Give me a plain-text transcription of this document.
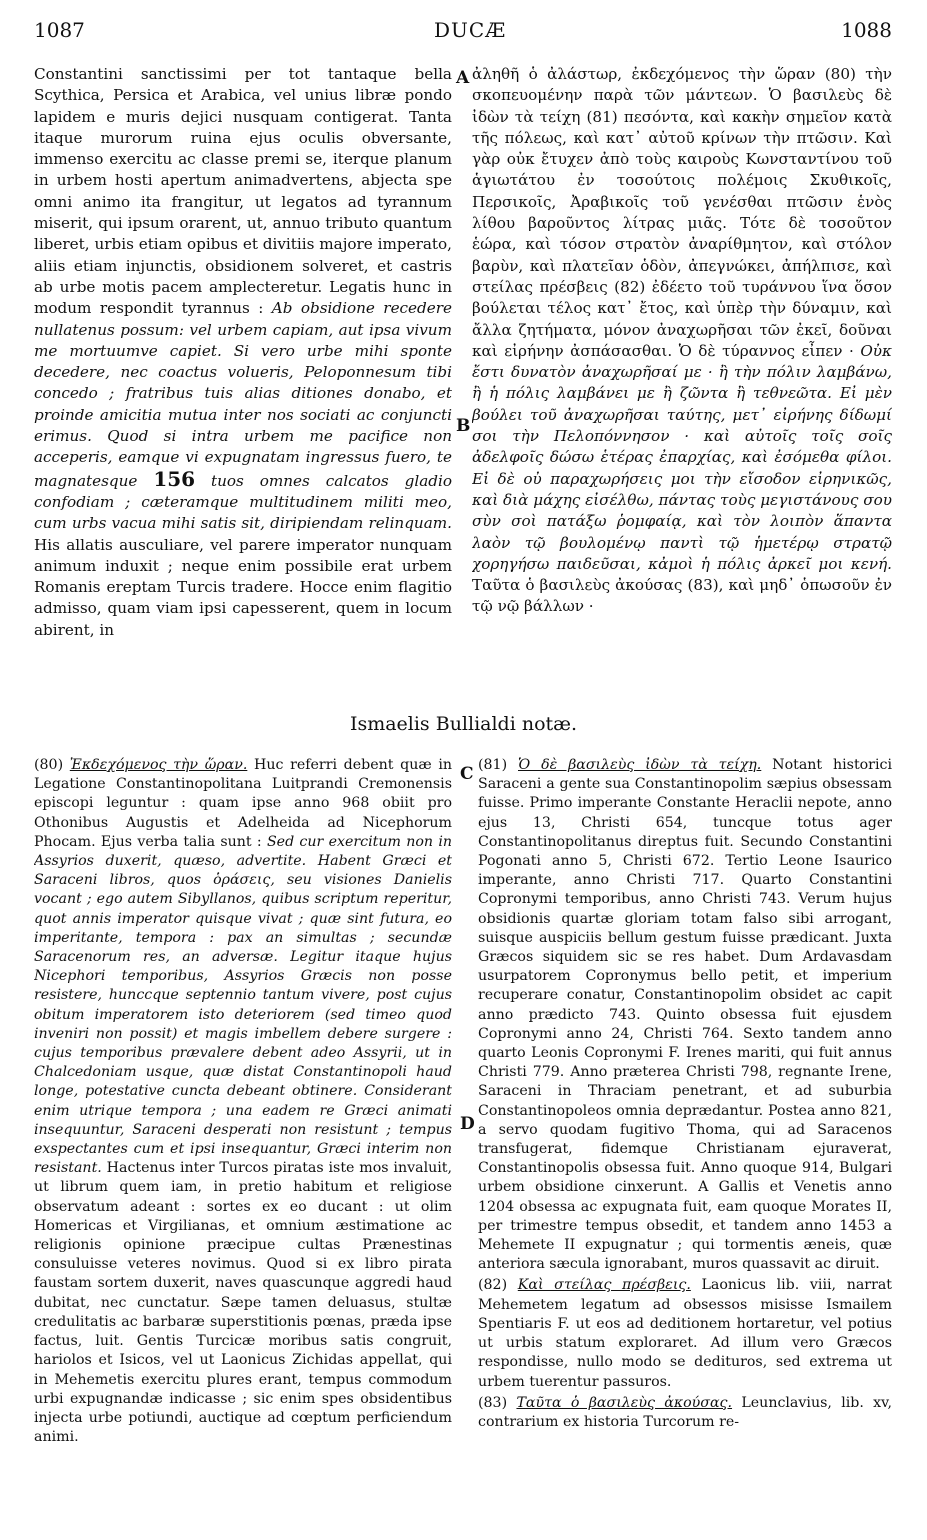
1087	DUCÆ	1088
A
B
C
D

Constantini sanctissimi per tot tantaque bella Scythica, Persica et Arabica, vel unius libræ pondo lapidem e muris dejici nusquam contigerat. Tanta itaque murorum ruina ejus oculis obversante, immenso exercitu ac classe premi se, iterque planum in urbem hosti apertum animadvertens, abjecta spe omni animo ita frangitur, ut legatos ad tyrannum miserit, qui ipsum orarent, ut, annuo tributo quantum liberet, urbis etiam opibus et divitiis majore imperato, aliis etiam injunctis, obsidionem solveret, et castris ab urbe motis pacem amplecteretur. Legatis hunc in modum respondit tyrannus : Ab obsidione recedere nullatenus possum: vel urbem capiam, aut ipsa vivum me mortuumve capiet. Si vero urbe mihi sponte decedere, nec coactus volueris, Peloponnesum tibi concedo ; fratribus tuis alias ditiones donabo, et proinde amicitia mutua inter nos sociati ac conjuncti erimus. Quod si intra urbem me pacifice non acceperis, eamque vi expugnatam ingressus fuero, te magnatesque 156 tuos omnes calcatos gladio confodiam ; cæteramque multitudinem militi meo, cum urbs vacua mihi satis sit, diripiendam relinquam. His allatis ausculiare, vel parere imperator nunquam animum induxit ; neque enim possibile erat urbem Romanis ereptam Turcis tradere. Hocce enim flagitio admisso, quam viam ipsi capesserent, quem in locum abirent, in

ἀληθῆ ὁ ἀλάστωρ, ἐκδεχόμενος τὴν ὥραν (80) τὴν σκοπευομένην παρὰ τῶν μάντεων. Ὁ βασιλεὺς δὲ ἰδὼν τὰ τείχη (81) πεσόντα, καὶ κακὴν σημεῖον κατὰ τῆς πόλεως, καὶ κατ᾽ αὐτοῦ κρίνων τὴν πτῶσιν. Καὶ γὰρ οὐκ ἔτυχεν ἀπὸ τοὺς καιροὺς Κωνσταντίνου τοῦ ἁγιωτάτου ἐν τοσούτοις πολέμοις Σκυθικοῖς, Περσικοῖς, Ἀραβικοῖς τοῦ γενέσθαι πτῶσιν ἑνὸς λίθου βαροῦντος λίτρας μιᾶς. Τότε δὲ τοσοῦτον ἑώρα, καὶ τόσον στρατὸν ἀναρίθμητον, καὶ στόλον βαρὺν, καὶ πλατεῖαν ὁδὸν, ἀπεγνώκει, ἀπήλπισε, καὶ στείλας πρέσβεις (82) ἐδέετο τοῦ τυράννου ἵνα ὅσον βούλεται τέλος κατ᾽ ἔτος, καὶ ὑπὲρ τὴν δύναμιν, καὶ ἄλλα ζητήματα, μόνον ἀναχωρῆσαι τῶν ἐκεῖ, δοῦναι καὶ εἰρήνην ἀσπάσασθαι. Ὁ δὲ τύραννος εἶπεν · Οὐκ ἔστι δυνατὸν ἀναχωρῆσαί με · ἢ τὴν πόλιν λαμβάνω, ἢ ἡ πόλις λαμβάνει με ἢ ζῶντα ἢ τεθνεῶτα. Εἰ μὲν βούλει τοῦ ἀναχωρῆσαι ταύτης, μετ᾽ εἰρήνης δίδωμί σοι τὴν Πελοπόννησον · καὶ αὐτοῖς τοῖς σοῖς ἀδελφοῖς δώσω ἑτέρας ἐπαρχίας, καὶ ἐσόμεθα φίλοι. Εἰ δὲ οὐ παραχωρήσεις μοι τὴν εἴσοδον εἰρηνικῶς, καὶ διὰ μάχης εἰσέλθω, πάντας τοὺς μεγιστάνους σου σὺν σοὶ πατάξω ῥομφαίᾳ, καὶ τὸν λοιπὸν ἅπαντα λαὸν τῷ βουλομένῳ παντὶ τῷ ἡμετέρῳ στρατῷ χορηγήσω παιδεῦσαι, κἀμοὶ ἡ πόλις ἀρκεῖ μοι κενή. Ταῦτα ὁ βασιλεὺς ἀκούσας (83), καὶ μηδ᾽ ὁπωσοῦν ἐν τῷ νῷ βάλλων ·

Ismaelis Bullialdi notæ.

(80) Ἐκδεχόμενος τὴν ὥραν. Huc referri debent quæ in Legatione Constantinopolitana Luitprandi Cremonensis episcopi leguntur : quam ipse anno 968 obiit pro Othonibus Augustis et Adelheida ad Nicephorum Phocam. Ejus verba talia sunt : Sed cur exercitum non in Assyrios duxerit, quæso, advertite. Habent Græci et Saraceni libros, quos ὁράσεις, seu visiones Danielis vocant ; ego autem Sibyllanos, quibus scriptum reperitur, quot annis imperator quisque vivat ; quæ sint futura, eo imperitante, tempora : pax an simultas ; secundæ Saracenorum res, an adversæ. Legitur itaque hujus Nicephori temporibus, Assyrios Græcis non posse resistere, hunccque septennio tantum vivere, post cujus obitum imperatorem isto deteriorem (sed timeo quod inveniri non possit) et magis imbellem debere surgere : cujus temporibus prævalere debent adeo Assyrii, ut in Chalcedoniam usque, quæ distat Constantinopoli haud longe, potestative cuncta debeant obtinere. Considerant enim utrique tempora ; una eadem re Græci animati insequuntur, Saraceni desperati non resistunt ; tempus exspectantes cum et ipsi insequantur, Græci interim non resistant. Hactenus inter Turcos piratas iste mos invaluit, ut librum quem iam, in pretio habitum et religiose observatum adeant : sortes ex eo ducant : ut olim Homericas et Virgilianas, et omnium æstimatione ac religionis opinione præcipue cultas Prænestinas consuluisse veteres novimus. Quod si ex libro pirata faustam sortem duxerit, naves quascunque aggredi haud dubitat, nec cunctatur. Sæpe tamen deluasus, stultæ credulitatis ac barbaræ superstitionis pœnas, præda ipse factus, luit. Gentis Turcicæ moribus satis congruit, hariolos et Isicos, vel ut Laonicus Zichidas appellat, qui in Mehemetis exercitu plures erant, tempus commodum urbi expugnandæ indicasse ; sic enim spes obsidentibus injecta urbe potiundi, auctique ad cœptum perficiendum animi.

(81) Ὁ δὲ βασιλεὺς ἰδὼν τὰ τείχη. Notant historici Saraceni a gente sua Constantinopolim sæpius obsessam fuisse. Primo imperante Constante Heraclii nepote, anno ejus 13, Christi 654, tuncque totus ager Constantinopolitanus direptus fuit. Secundo Constantini Pogonati anno 5, Christi 672. Tertio Leone Isaurico imperante, anno Christi 717. Quarto Constantini Copronymi temporibus, anno Christi 743. Verum hujus obsidionis quartæ gloriam totam falso sibi arrogant, suisque auspiciis bellum gestum fuisse prædicant. Juxta Græcos siquidem sic se res habet. Dum Ardavasdam usurpatorem Copronymus bello petit, et imperium recuperare conatur, Constantinopolim obsidet ac capit anno prædicto 743. Quinto obsessa fuit ejusdem Copronymi anno 24, Christi 764. Sexto tandem anno quarto Leonis Copronymi F. Irenes mariti, qui fuit annus Christi 779. Anno præterea Christi 798, regnante Irene, Saraceni in Thraciam penetrant, et ad suburbia Constantinopoleos omnia deprædantur. Postea anno 821, a servo quodam fugitivo Thoma, qui ad Saracenos transfugerat, fidemque Christianam ejuraverat, Constantinopolis obsessa fuit. Anno quoque 914, Bulgari urbem obsidione cinxerunt. A Gallis et Venetis anno 1204 obsessa ac expugnata fuit, eam quoque Morates II, per trimestre tempus obsedit, et tandem anno 1453 a Mehemete II expugnatur ; qui tormentis æneis, quæ anteriora sæcula ignorabant, muros quassavit ac diruit.

(82) Καὶ στείλας πρέσβεις. Laonicus lib. viii, narrat Mehemetem legatum ad obsessos misisse Ismailem Spentiaris F. ut eos ad deditionem hortaretur, vel potius ut urbis statum exploraret. Ad illum vero Græcos respondisse, nullo modo se dedituros, sed extrema ut urbem tuerentur passuros.

(83) Ταῦτα ὁ βασιλεὺς ἀκούσας. Leunclavius, lib. xv, contrarium ex historia Turcorum re-
